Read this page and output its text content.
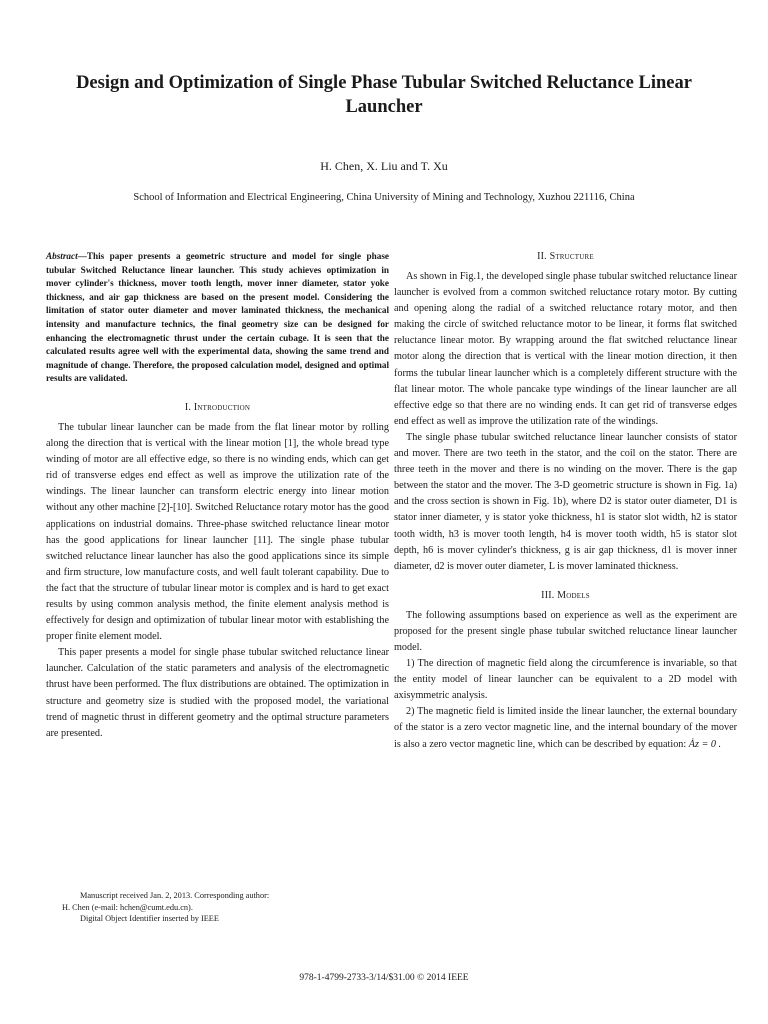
Design and Optimization of Single Phase Tubular Switched Reluctance Linear Launcher
H. Chen, X. Liu and T. Xu
School of Information and Electrical Engineering, China University of Mining and Technology, Xuzhou 221116, China

Abstract—This paper presents a geometric structure and model for single phase tubular Switched Reluctance linear launcher. This study achieves optimization in mover cylinder's thickness, mover tooth length, mover inner diameter, stator yoke thickness, and air gap thickness are based on the present model. Considering the limitation of stator outer diameter and mover laminated thickness, the mechanical intensity and manufacture technics, the final geometry size can be designed for enhancing the electromagnetic thrust under the certain cubage. It is seen that the calculated results agree well with the experimental data, showing the same trend and magnitude of change. Therefore, the proposed calculation model, designed and optimal results are validated.

I. Introduction

The tubular linear launcher can be made from the flat linear motor by rolling along the direction that is vertical with the linear motion [1], the whole bread type winding of motor are all effective edge, so there is no winding ends, which can get rid of transverse edges end effect as well as improve the utilization rate of the windings. The linear launcher can transform electric energy into linear motion without any other machine [2]-[10]. Switched Reluctance rotary motor has the good applications on industrial domains. Three-phase switched reluctance linear motor has the good applications for linear launcher [11]. The single phase tubular switched reluctance linear launcher has also the good applications since its simple and firm structure, low manufacture costs, and well fault tolerant capability. Due to the fact that the structure of tubular linear motor is complex and is hard to get exact results by using common analysis method, the finite element analysis method is effectively for design and optimization of tubular linear motor with establishing the proper finite element model.

This paper presents a model for single phase tubular switched reluctance linear launcher. Calculation of the static parameters and analysis of the electromagnetic thrust have been performed. The flux distributions are obtained. The optimization in structure and geometry size is studied with the proposed model, the variational trend of magnetic thrust in different geometry and the optimal structure parameters are presented.

II. Structure

As shown in Fig.1, the developed single phase tubular switched reluctance linear launcher is evolved from a common switched reluctance rotary motor. By cutting and opening along the radial of a switched reluctance rotary motor, and then making the circle of switched reluctance motor to be linear, it forms flat switched reluctance linear motor. By wrapping around the flat switched reluctance linear motor along the direction that is vertical with the linear motion direction, it then forms the tubular linear launcher which is a completely different structure with the flat linear motor. The whole pancake type windings of the linear launcher are all effective edge so that there are no winding ends. It can get rid of transverse edges end effect as well as improve the utilization rate of the windings.

The single phase tubular switched reluctance linear launcher consists of stator and mover. There are two teeth in the stator, and the coil on the stator. There are three teeth in the mover and there is no winding on the mover. There is the gap between the stator and the mover. The 3-D geometric structure is shown in Fig. 1a) and the cross section is shown in Fig. 1b), where D2 is stator outer diameter, D1 is stator inner diameter, y is stator yoke thickness, h1 is stator slot width, h2 is stator tooth width, h3 is mover tooth length, h4 is mover tooth width, h5 is stator slot depth, h6 is mover cylinder's thickness, g is air gap thickness, d1 is mover inner diameter, d2 is mover outer diameter, L is mover laminated thickness.

III. Models

The following assumptions based on experience as well as the experiment are proposed for the present single phase tubular switched reluctance linear launcher model.

1) The direction of magnetic field along the circumference is invariable, so that the entity model of linear launcher can be equivalent to a 2D model with axisymmetric analysis.

2) The magnetic field is limited inside the linear launcher, the external boundary of the stator is a zero vector magnetic line, and the internal boundary of the mover is also a zero vector magnetic line, which can be described by equation: Ȧz = 0 .

Manuscript received Jan. 2, 2013. Corresponding author:
H. Chen (e-mail: hchen@cumt.edu.cn).
Digital Object Identifier inserted by IEEE
978-1-4799-2733-3/14/$31.00 © 2014 IEEE
